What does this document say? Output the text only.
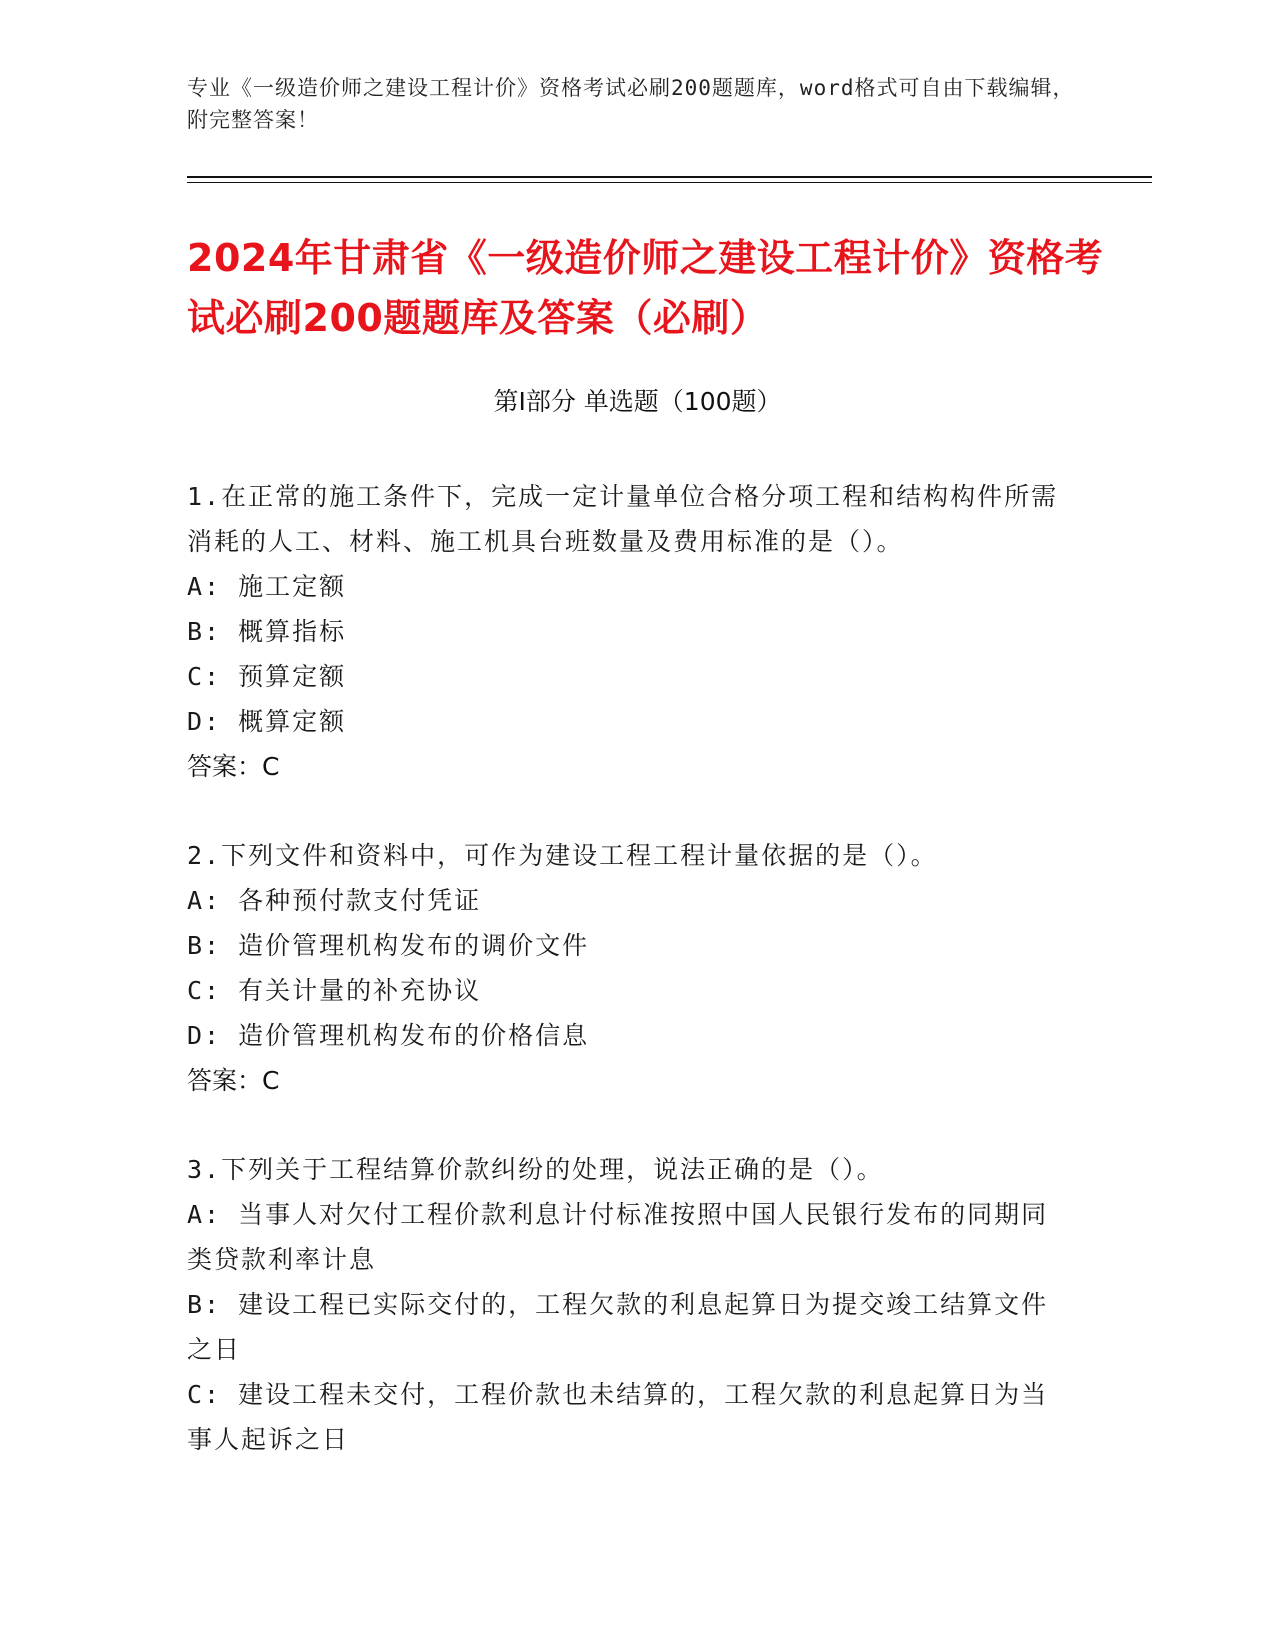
专业《一级造价师之建设工程计价》资格考试必刷200题题库，word格式可自由下载编辑，附完整答案！
2024年甘肃省《一级造价师之建设工程计价》资格考试必刷200题题库及答案（必刷）
第Ⅰ部分 单选题（100题）
1.在正常的施工条件下，完成一定计量单位合格分项工程和结构构件所需消耗的人工、材料、施工机具台班数量及费用标准的是（）。
A: 施工定额
B: 概算指标
C: 预算定额
D: 概算定额
答案：C
2.下列文件和资料中，可作为建设工程工程计量依据的是（）。
A: 各种预付款支付凭证
B: 造价管理机构发布的调价文件
C: 有关计量的补充协议
D: 造价管理机构发布的价格信息
答案：C
3.下列关于工程结算价款纠纷的处理，说法正确的是（）。
A: 当事人对欠付工程价款利息计付标准按照中国人民银行发布的同期同类贷款利率计息
B: 建设工程已实际交付的，工程欠款的利息起算日为提交竣工结算文件之日
C: 建设工程未交付，工程价款也未结算的，工程欠款的利息起算日为当事人起诉之日
